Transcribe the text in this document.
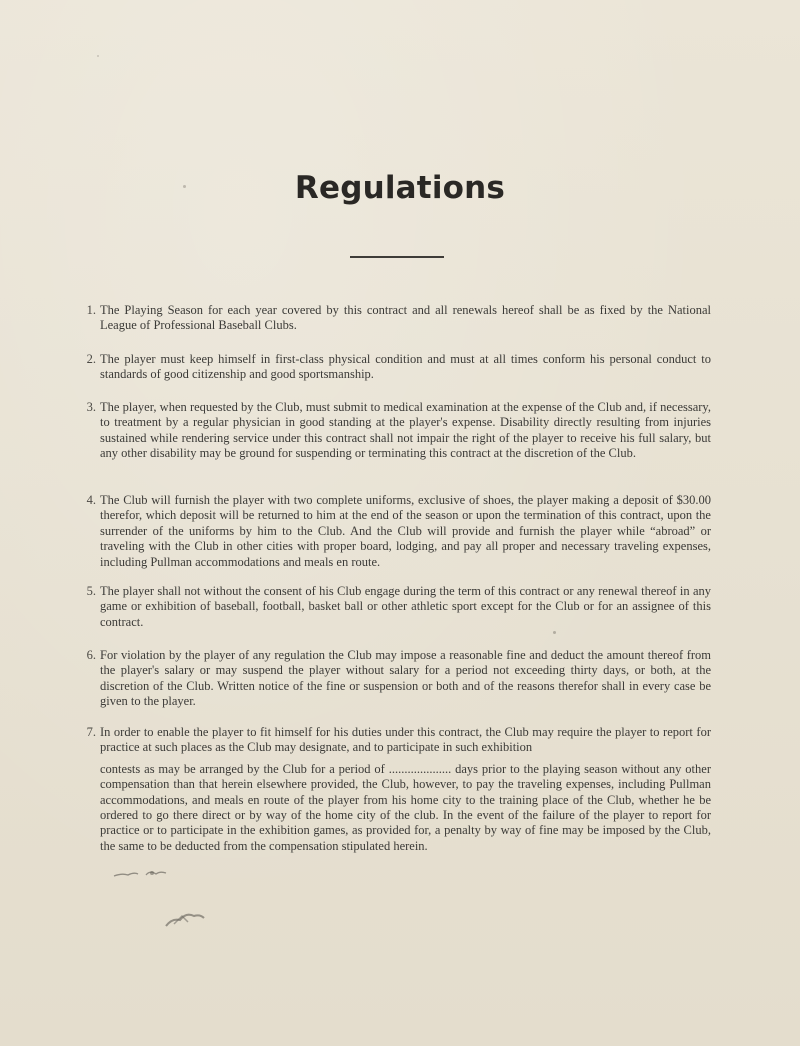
Regulations
1. The Playing Season for each year covered by this contract and all renewals hereof shall be as fixed by the National League of Professional Baseball Clubs.

2. The player must keep himself in first-class physical condition and must at all times conform his personal conduct to standards of good citizenship and good sportsmanship.

3. The player, when requested by the Club, must submit to medical examination at the expense of the Club and, if necessary, to treatment by a regular physician in good standing at the player's expense. Disability directly resulting from injuries sustained while rendering service under this contract shall not impair the right of the player to receive his full salary, but any other disability may be ground for suspending or terminating this contract at the discretion of the Club.

4. The Club will furnish the player with two complete uniforms, exclusive of shoes, the player making a deposit of $30.00 therefor, which deposit will be returned to him at the end of the season or upon the termination of this contract, upon the surrender of the uniforms by him to the Club. And the Club will provide and furnish the player while “abroad” or traveling with the Club in other cities with proper board, lodging, and pay all proper and necessary traveling expenses, including Pullman accommodations and meals en route.

5. The player shall not without the consent of his Club engage during the term of this contract or any renewal thereof in any game or exhibition of baseball, football, basket ball or other athletic sport except for the Club or for an assignee of this contract.

6. For violation by the player of any regulation the Club may impose a reasonable fine and deduct the amount thereof from the player's salary or may suspend the player without salary for a period not exceeding thirty days, or both, at the discretion of the Club. Written notice of the fine or suspension or both and of the reasons therefor shall in every case be given to the player.

7. In order to enable the player to fit himself for his duties under this contract, the Club may require the player to report for practice at such places as the Club may designate, and to participate in such exhibition

contests as may be arranged by the Club for a period of .................... days prior to the playing season without any other compensation than that herein elsewhere provided, the Club, however, to pay the traveling expenses, including Pullman accommodations, and meals en route of the player from his home city to the training place of the Club, whether he be ordered to go there direct or by way of the home city of the club. In the event of the failure of the player to report for practice or to participate in the exhibition games, as provided for, a penalty by way of fine may be imposed by the Club, the same to be deducted from the compensation stipulated herein.
